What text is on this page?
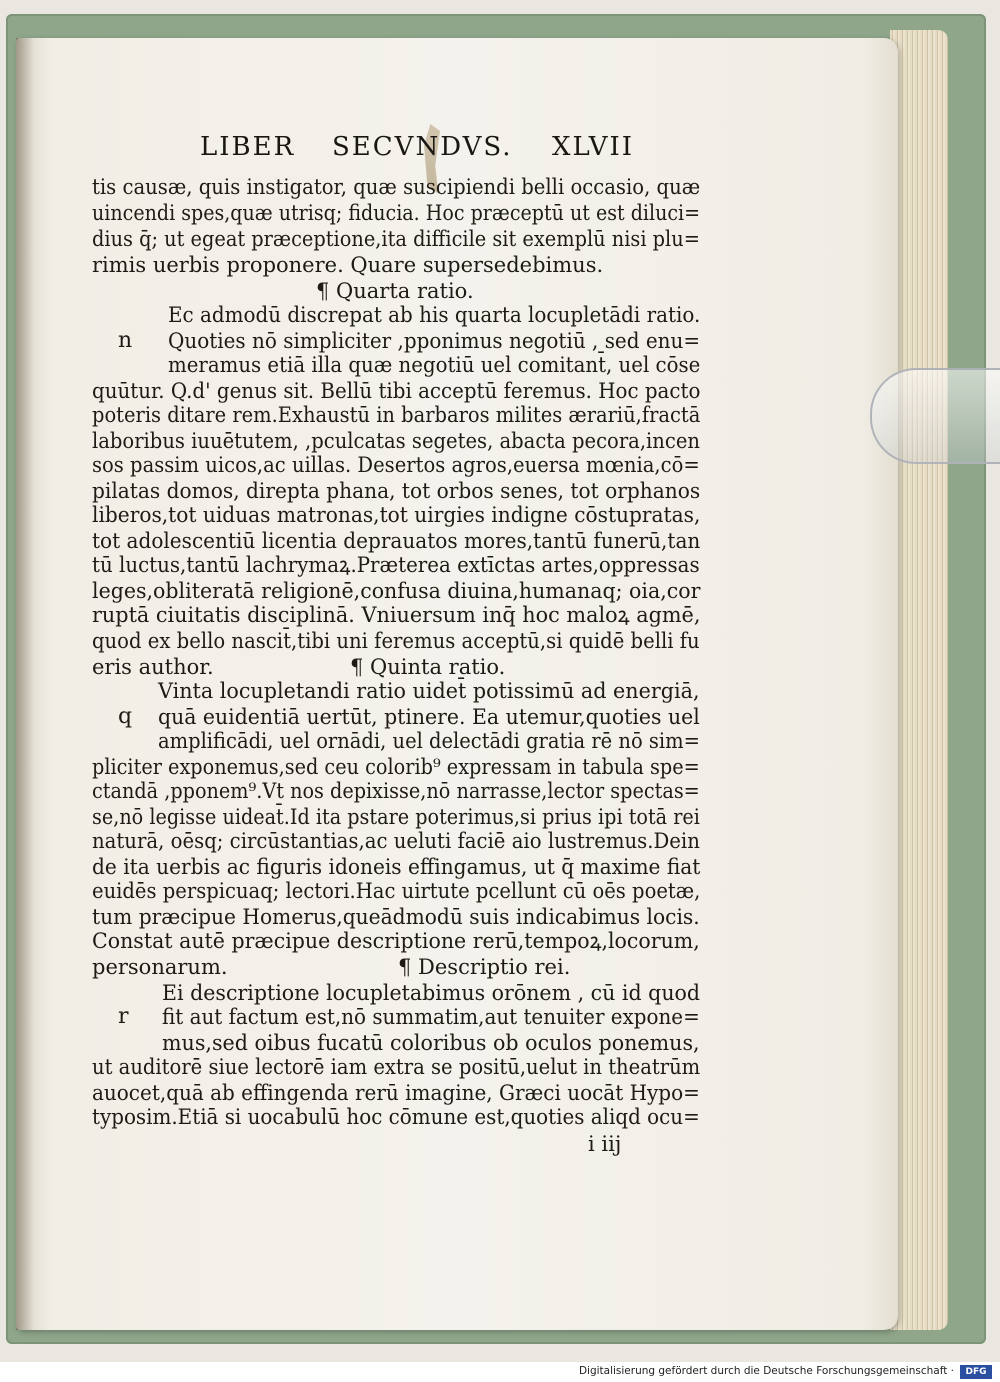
LIBER SECVNDVS. XLVII
tis causæ, quis instigator, quæ suscipiendi belli occasio, quæ
uincendi spes,quæ utrisq; fiducia. Hoc præceptū ut est diluci=
dius q̄; ut egeat præceptione,ita difficile sit exemplū nisi plu=
rimis uerbis proponere. Quare supersedebimus.
¶ Quarta ratio.
Ec admodū discrepat ab his quarta locupletādi ratio.
Quoties nō simpliciter ,pponimus negotiū , sed enu=
meramus etiā illa quæ negotiū uel comitant̄, uel cōse
quūtur. Q.d' genus sit. Bellū tibi acceptū feremus. Hoc pacto
poteris ditare rem.Exhaustū in barbaros milites ærariū,fractā
laboribus iuuētutem, ,pculcatas segetes, abacta pecora,incen
sos passim uicos,ac uillas. Desertos agros,euersa mœnia,cō=
pilatas domos, direpta phana, tot orbos senes, tot orphanos
liberos,tot uiduas matronas,tot uirgies indigne cōstupratas,
tot adolescentiū licentia deprauatos mores,tantū funerū,tan
tū luctus,tantū lachrymaꝝ.Præterea extīctas artes,oppressas
leges,obliteratā religionē,confusa diuina,humanaq; oia,cor
ruptā ciuitatis disciplinā. Vniuersum inq̄ hoc maloꝝ agmē,
quod ex bello nascit̄,tibi uni feremus acceptū,si quidē belli fu
eris author.	¶ Quinta ratio.
Vinta locupletandi ratio uidet̄ potissimū ad energiā,
quā euidentiā uertūt, ptinere. Ea utemur,quoties uel
amplificādi, uel ornādi, uel delectādi gratia rē nō sim=
pliciter exponemus,sed ceu colorib⁹ expressam in tabula spe=
ctandā ,pponem⁹.Vt nos depixisse,nō narrasse,lector spectas=
se,nō legisse uideat̄.Id ita pstare poterimus,si prius ipi totā rei
naturā, oēsq; circūstantias,ac ueluti faciē aio lustremus.Dein
de ita uerbis ac figuris idoneis effingamus, ut q̄ maxime fiat
euidēs perspicuaq; lectori.Hac uirtute pcellunt cū oēs poetæ,
tum præcipue Homerus,queādmodū suis indicabimus locis.
Constat autē præcipue descriptione rerū,tempoꝝ,locorum,
personarum.	¶ Descriptio rei.
Ei descriptione locupletabimus orōnem , cū id quod
fit aut factum est,nō summatim,aut tenuiter expone=
mus,sed oibus fucatū coloribus ob oculos ponemus,
ut auditorē siue lectorē iam extra se positū,uelut in theatrūm
auocet,quā ab effingenda rerū imagine, Græci uocāt Hypo=
typosim.Etiā si uocabulū hoc cōmune est,quoties aliqd ocu=
n
q
r
i iij
Digitalisierung gefördert durch die Deutsche Forschungsgemeinschaft ·	DFG
